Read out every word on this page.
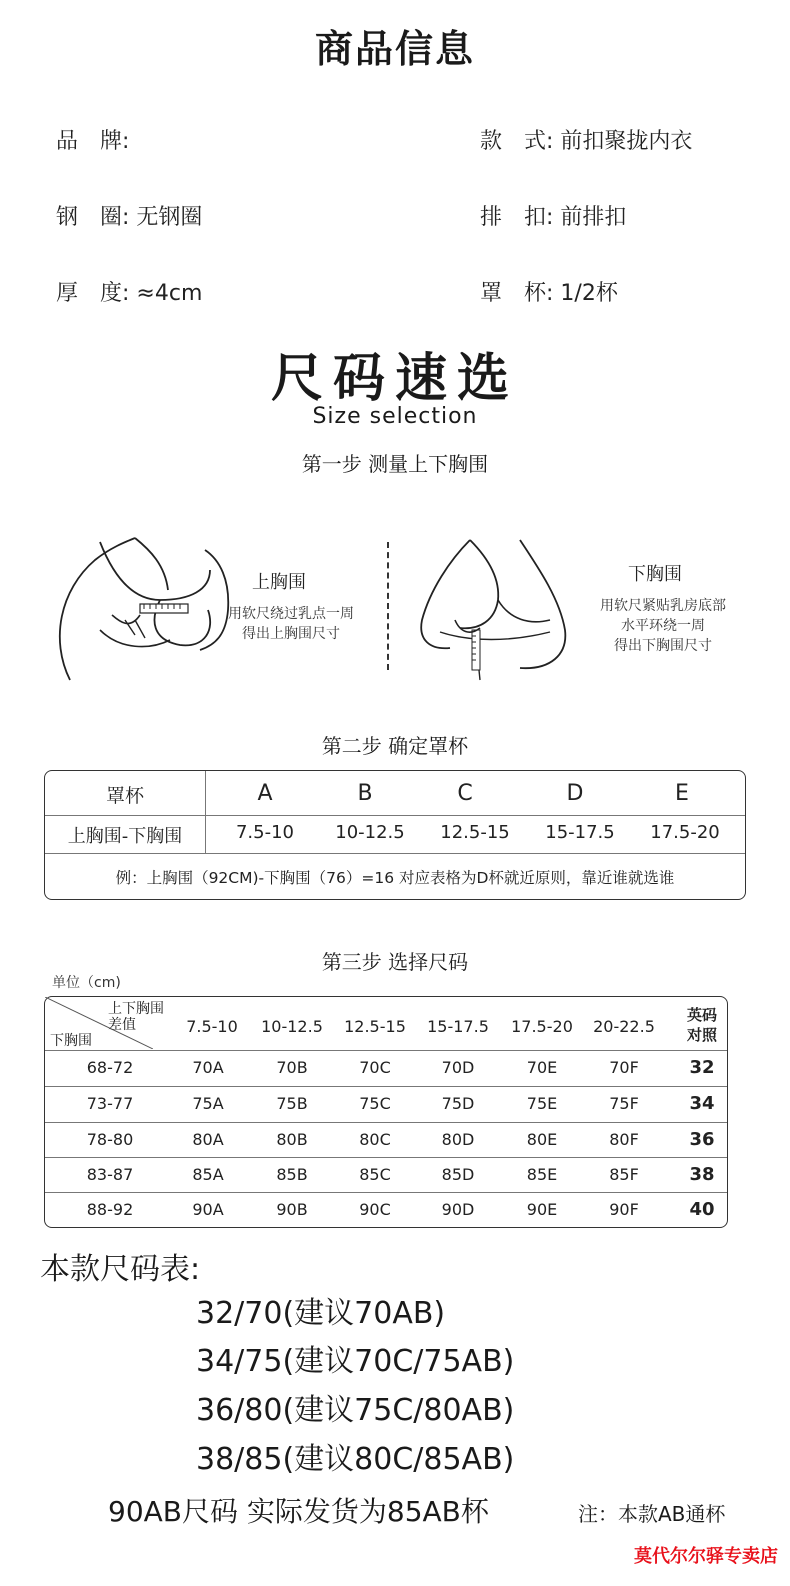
商品信息
品　牌:	款　式: 前扣聚拢内衣
钢　圈: 无钢圈	排　扣: 前排扣
厚　度: ≈4cm	罩　杯: 1/2杯
尺码速选
Size selection
第一步 测量上下胸围
上胸围
用软尺绕过乳点一周
得出上胸围尺寸
下胸围
用软尺紧贴乳房底部
水平环绕一周
得出下胸围尺寸
第二步 确定罩杯
罩杯	A	B	C	D	E
上胸围-下胸围	7.5-10	10-12.5	12.5-15	15-17.5	17.5-20
例：上胸围（92CM)-下胸围（76）=16 对应表格为D杯就近原则，靠近谁就选谁
第三步 选择尺码
单位（cm)
上下胸围
差值
下胸围
7.5-10	10-12.5	12.5-15	15-17.5	17.5-20	20-22.5
英码
对照
68-72	70A	70B	70C	70D	70E	70F	32
73-77	75A	75B	75C	75D	75E	75F	34
78-80	80A	80B	80C	80D	80E	80F	36
83-87	85A	85B	85C	85D	85E	85F	38
88-92	90A	90B	90C	90D	90E	90F	40
本款尺码表:
32/70(建议70AB)
34/75(建议70C/75AB)
36/80(建议75C/80AB)
38/85(建议80C/85AB)
90AB尺码 实际发货为85AB杯	注：本款AB通杯
莫代尔尔驿专卖店
